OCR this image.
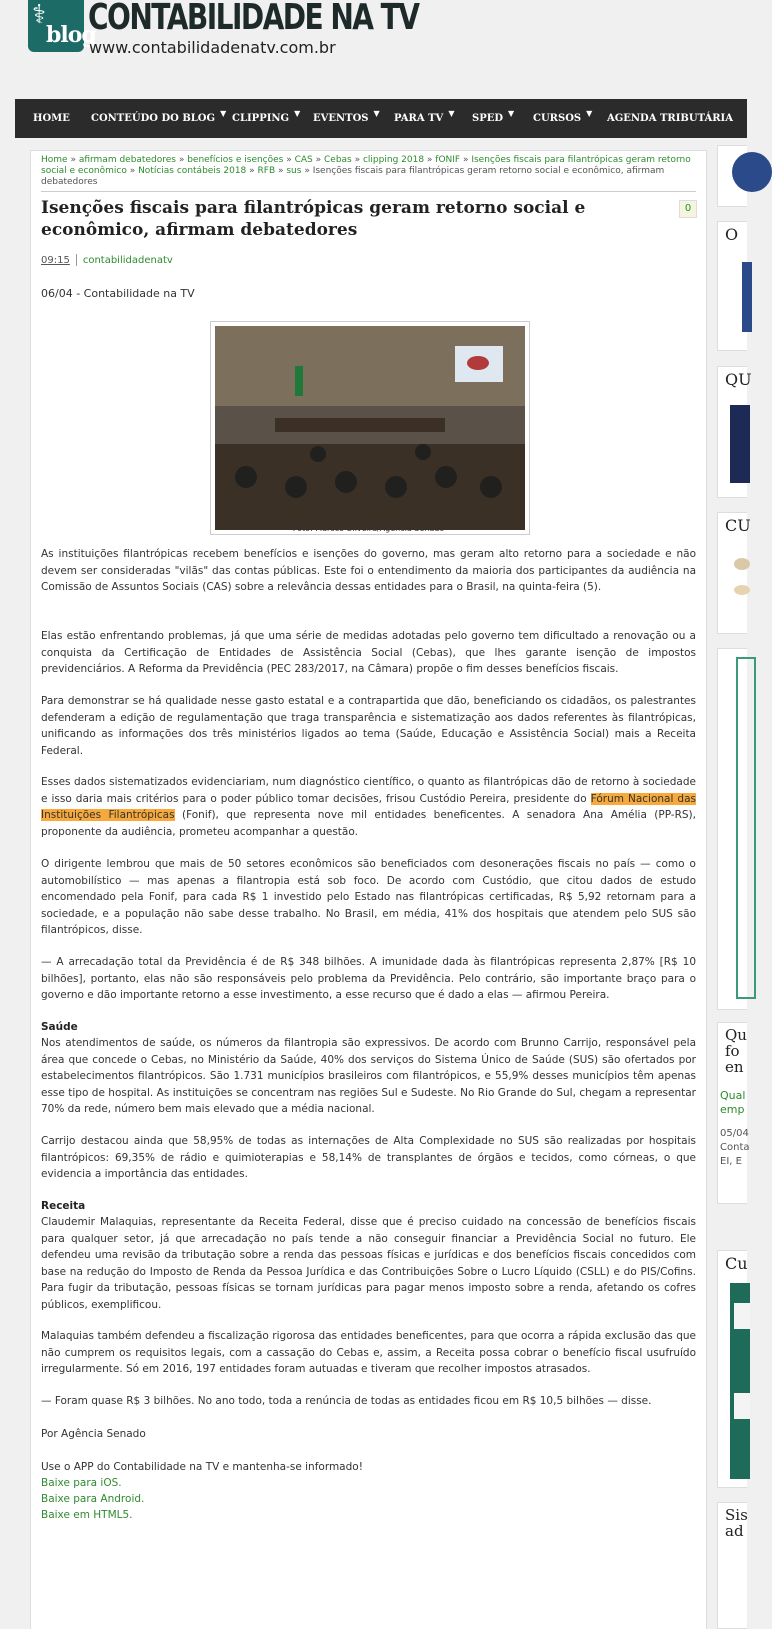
⚕
blog
CONTABILIDADE NA TV
www.contabilidadenatv.com.br
HOME CONTEÚDO DO BLOG ▼ CLIPPING ▼ EVENTOS ▼ PARA TV ▼ SPED ▼ CURSOS ▼ AGENDA TRIBUTÁRIA
Home » afirmam debatedores » benefícios e isenções » CAS » Cebas » clipping 2018 » fONIF » Isenções fiscais para filantrópicas geram retorno social e econômico » Notícias contábeis 2018 » RFB » sus » Isenções fiscais para filantrópicas geram retorno social e econômico, afirmam debatedores
Isenções fiscais para filantrópicas geram retorno social e econômico, afirmam debatedores
0
09:15 contabilidadenatv
06/04 - Contabilidade na TV
Foto: Marcos Oliveira/Agência Senado

As instituições filantrópicas recebem benefícios e isenções do governo, mas geram alto retorno para a sociedade e não devem ser consideradas "vilãs" das contas públicas. Este foi o entendimento da maioria dos participantes da audiência na Comissão de Assuntos Sociais (CAS) sobre a relevância dessas entidades para o Brasil, na quinta-feira (5).

Elas estão enfrentando problemas, já que uma série de medidas adotadas pelo governo tem dificultado a renovação ou a conquista da Certificação de Entidades de Assistência Social (Cebas), que lhes garante isenção de impostos previdenciários. A Reforma da Previdência (PEC 283/2017, na Câmara) propõe o fim desses benefícios fiscais.

Para demonstrar se há qualidade nesse gasto estatal e a contrapartida que dão, beneficiando os cidadãos, os palestrantes defenderam a edição de regulamentação que traga transparência e sistematização aos dados referentes às filantrópicas, unificando as informações dos três ministérios ligados ao tema (Saúde, Educação e Assistência Social) mais a Receita Federal.

Esses dados sistematizados evidenciariam, num diagnóstico científico, o quanto as filantrópicas dão de retorno à sociedade e isso daria mais critérios para o poder público tomar decisões, frisou Custódio Pereira, presidente do Fórum Nacional das Instituições Filantrópicas (Fonif), que representa nove mil entidades beneficentes. A senadora Ana Amélia (PP-RS), proponente da audiência, prometeu acompanhar a questão.

O dirigente lembrou que mais de 50 setores econômicos são beneficiados com desonerações fiscais no país — como o automobilístico — mas apenas a filantropia está sob foco. De acordo com Custódio, que citou dados de estudo encomendado pela Fonif, para cada R$ 1 investido pelo Estado nas filantrópicas certificadas, R$ 5,92 retornam para a sociedade, e a população não sabe desse trabalho. No Brasil, em média, 41% dos hospitais que atendem pelo SUS são filantrópicos, disse.

— A arrecadação total da Previdência é de R$ 348 bilhões. A imunidade dada às filantrópicas representa 2,87% [R$ 10 bilhões], portanto, elas não são responsáveis pelo problema da Previdência. Pelo contrário, são importante braço para o governo e dão importante retorno a esse investimento, a esse recurso que é dado a elas — afirmou Pereira.

Saúde

Nos atendimentos de saúde, os números da filantropia são expressivos. De acordo com Brunno Carrijo, responsável pela área que concede o Cebas, no Ministério da Saúde, 40% dos serviços do Sistema Único de Saúde (SUS) são ofertados por estabelecimentos filantrópicos. São 1.731 municípios brasileiros com filantrópicos, e 55,9% desses municípios têm apenas esse tipo de hospital. As instituições se concentram nas regiões Sul e Sudeste. No Rio Grande do Sul, chegam a representar 70% da rede, número bem mais elevado que a média nacional.

Carrijo destacou ainda que 58,95% de todas as internações de Alta Complexidade no SUS são realizadas por hospitais filantrópicos: 69,35% de rádio e quimioterapias e 58,14% de transplantes de órgãos e tecidos, como córneas, o que evidencia a importância das entidades.

Receita

Claudemir Malaquias, representante da Receita Federal, disse que é preciso cuidado na concessão de benefícios fiscais para qualquer setor, já que arrecadação no país tende a não conseguir financiar a Previdência Social no futuro. Ele defendeu uma revisão da tributação sobre a renda das pessoas físicas e jurídicas e dos benefícios fiscais concedidos com base na redução do Imposto de Renda da Pessoa Jurídica e das Contribuições Sobre o Lucro Líquido (CSLL) e do PIS/Cofins. Para fugir da tributação, pessoas físicas se tornam jurídicas para pagar menos imposto sobre a renda, afetando os cofres públicos, exemplificou.

Malaquias também defendeu a fiscalização rigorosa das entidades beneficentes, para que ocorra a rápida exclusão das que não cumprem os requisitos legais, com a cassação do Cebas e, assim, a Receita possa cobrar o benefício fiscal usufruído irregularmente. Só em 2016, 197 entidades foram autuadas e tiveram que recolher impostos atrasados.

— Foram quase R$ 3 bilhões. No ano todo, toda a renúncia de todas as entidades ficou em R$ 10,5 bilhões — disse.

Por Agência Senado

Use o APP do Contabilidade na TV e mantenha-se informado!

Baixe para iOS.

Baixe para Android.

Baixe em HTML5.

O
QU
CU
Qu
fo
en
Qual
emp
05/04
Conta
EI, E
Cu
Sis
ad
